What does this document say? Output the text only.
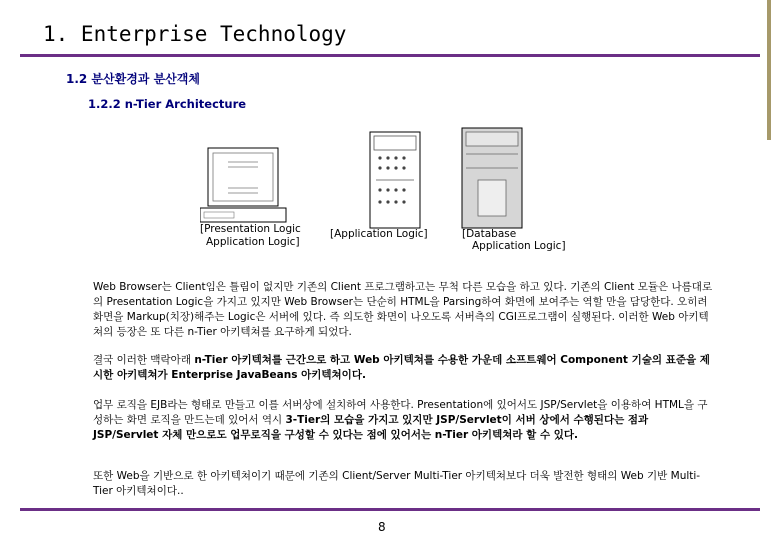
1. Enterprise Technology
1.2 분산환경과 분산객체
1.2.2 n-Tier Architecture
[Presentation Logic
Application Logic]
[Application Logic]	[Database
Application Logic]
Web Browser는 Client임은 틀림이 없지만 기존의 Client 프로그램하고는 무척 다른 모습을 하고 있다. 기존의 Client 모듈은 나름대로의 Presentation Logic을 가지고 있지만 Web Browser는 단순히 HTML을 Parsing하여 화면에 보여주는 역할 만을 담당한다. 오히려 화면을 Markup(치장)해주는 Logic은 서버에 있다. 즉 의도한 화면이 나오도록 서버측의 CGI프로그램이 실행된다. 이러한 Web 아키텍쳐의 등장은 또 다른 n-Tier 아키텍쳐를 요구하게 되었다.
결국 이러한 맥락아래 n-Tier 아키텍쳐를 근간으로 하고 Web 아키텍쳐를 수용한 가운데 소프트웨어 Component 기술의 표준을 제시한 아키텍쳐가 Enterprise JavaBeans 아키텍쳐이다.
업무 로직을 EJB라는 형태로 만들고 이를 서버상에 설치하여 사용한다. Presentation에 있어서도 JSP/Servlet을 이용하여 HTML을 구성하는 화면 로직을 만드는데 있어서 역시 3-Tier의 모습을 가지고 있지만 JSP/Servlet이 서버 상에서 수행된다는 점과 JSP/Servlet 자체 만으로도 업무로직을 구성할 수 있다는 점에 있어서는 n-Tier 아키텍쳐라 할 수 있다.
또한 Web을 기반으로 한 아키텍쳐이기 때문에 기존의 Client/Server Multi-Tier 아키텍쳐보다 더욱 발전한 형태의 Web 기반 Multi-Tier 아키텍쳐이다..
8
